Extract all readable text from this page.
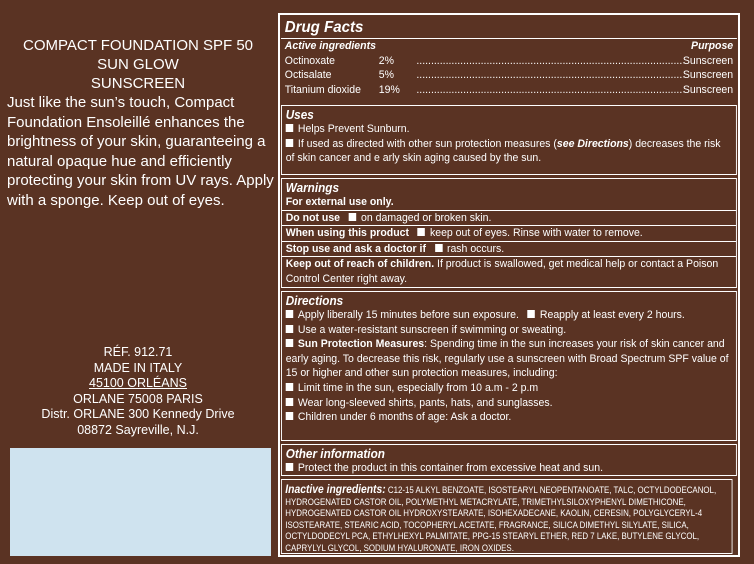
COMPACT FOUNDATION SPF 50
SUN GLOW
SUNSCREEN
Just like the sun’s touch, Compact Foundation Ensoleillé enhances the brightness of your skin, guaranteeing a natural opaque hue and efficiently protecting your skin from UV rays. Apply with a sponge. Keep out of eyes.
RÉF. 912.71
MADE IN ITALY
45100 ORLÉANS
ORLANE 75008 PARIS
Distr. ORLANE 300 Kennedy Drive
08872 Sayreville, N.J.
Drug Facts
Active ingredients	Purpose
Octinoxate	2% .....	Sunscreen
Octisalate	5% .....	Sunscreen
Titanium dioxide	19% .....	Sunscreen
Uses
Helps Prevent Sunburn.
If used as directed with other sun protection measures (see Directions) decreases the risk of skin cancer and e arly skin aging caused by the sun.
Warnings
For external use only.
Do not use on damaged or broken skin.
When using this product keep out of eyes. Rinse with water to remove.
Stop use and ask a doctor if rash occurs.
Keep out of reach of children. If product is swallowed, get medical help or contact a Poison Control Center right away.
Directions
Apply liberally 15 minutes before sun exposure. Reapply at least every 2 hours.
Use a water-resistant sunscreen if swimming or sweating.
Sun Protection Measures: Spending time in the sun increases your risk of skin cancer and early aging. To decrease this risk, regularly use a sunscreen with Broad Spectrum SPF value of 15 or higher and other sun protection measures, including:
Limit time in the sun, especially from 10 a.m - 2 p.m
Wear long-sleeved shirts, pants, hats, and sunglasses.
Children under 6 months of age: Ask a doctor.
Other information
Protect the product in this container from excessive heat and sun.
Inactive ingredients: C12-15 ALKYL BENZOATE, ISOSTEARYL NEOPENTANOATE, TALC, OCTYLDODECANOL, HYDROGENATED CASTOR OIL, POLYMETHYL METACRYLATE, TRIMETHYLSILOXYPHENYL DIMETHICONE, HYDROGENATED CASTOR OIL HYDROXYSTEARATE, ISOHEXADECANE, KAOLIN, CERESIN, POLYGLYCERYL-4 ISOSTEARATE, STEARIC ACID, TOCOPHERYL ACETATE, FRAGRANCE, SILICA DIMETHYL SILYLATE, SILICA, OCTYLDODECYL PCA, ETHYLHEXYL PALMITATE, PPG-15 STEARYL ETHER, RED 7 LAKE, BUTYLENE GLYCOL, CAPRYLYL GLYCOL, SODIUM HYALURONATE, IRON OXIDES.
